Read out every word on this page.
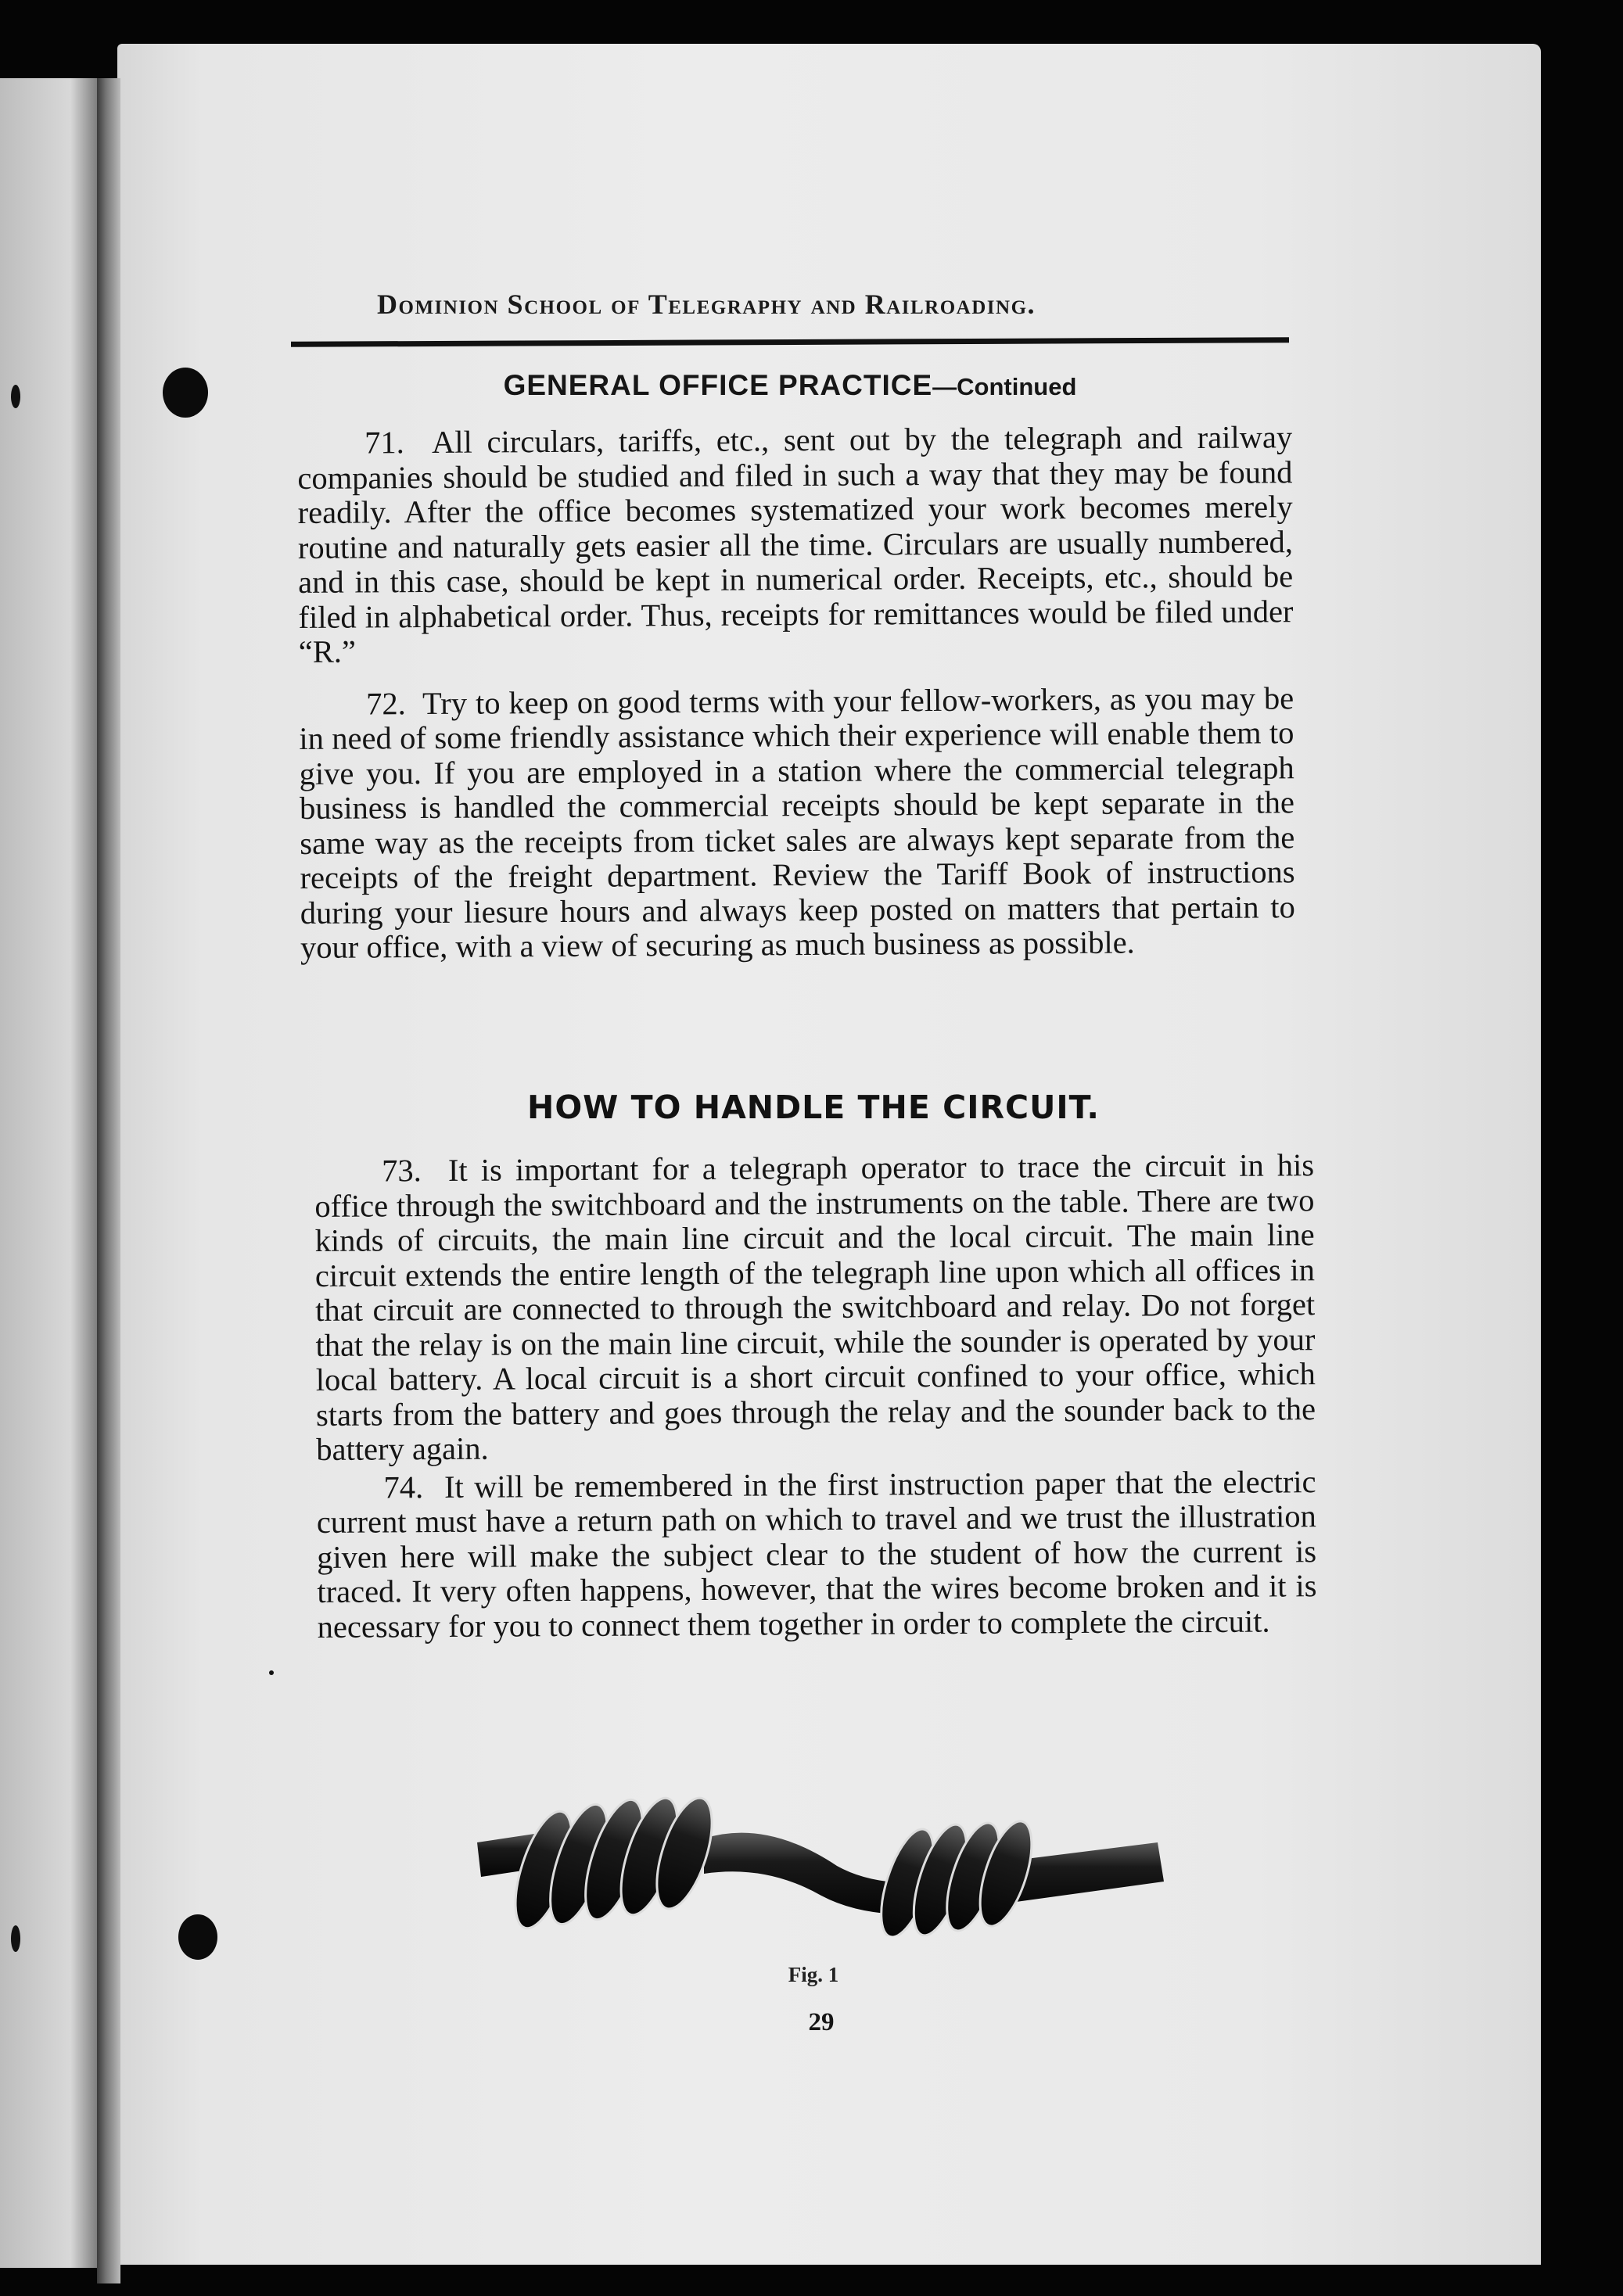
Dominion School of Telegraphy and Railroading.
GENERAL OFFICE PRACTICE—Continued

71. All circulars, tariffs, etc., sent out by the telegraph and railway companies should be studied and filed in such a way that they may be found readily. After the office becomes systematized your work becomes merely routine and naturally gets easier all the time. Circulars are usually numbered, and in this case, should be kept in numerical order. Receipts, etc., should be filed in alphabetical order. Thus, receipts for remittances would be filed under “R.”

72. Try to keep on good terms with your fellow-workers, as you may be in need of some friendly assistance which their experience will enable them to give you. If you are employed in a station where the commercial telegraph business is handled the commercial receipts should be kept separate in the same way as the receipts from ticket sales are always kept separate from the receipts of the freight department. Review the Tariff Book of instructions during your liesure hours and always keep posted on matters that pertain to your office, with a view of securing as much business as possible.

HOW TO HANDLE THE CIRCUIT.

73. It is important for a telegraph operator to trace the circuit in his office through the switchboard and the instruments on the table. There are two kinds of circuits, the main line circuit and the local circuit. The main line circuit extends the entire length of the telegraph line upon which all offices in that circuit are connected to through the switchboard and relay. Do not forget that the relay is on the main line circuit, while the sounder is operated by your local battery. A local circuit is a short circuit confined to your office, which starts from the battery and goes through the relay and the sounder back to the battery again.

74. It will be remembered in the first instruction paper that the electric current must have a return path on which to travel and we trust the illustration given here will make the subject clear to the student of how the current is traced. It very often happens, however, that the wires become broken and it is necessary for you to connect them together in order to complete the circuit.

Fig. 1
29
